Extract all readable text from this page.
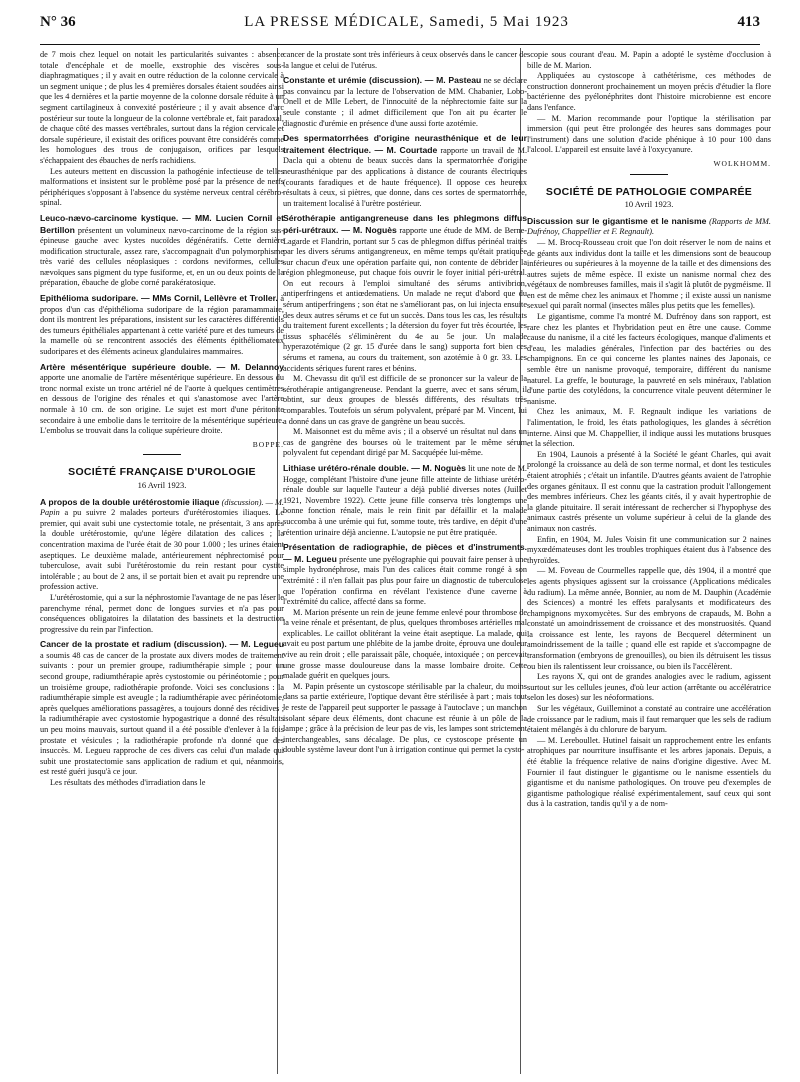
N° 36	LA PRESSE MÉDICALE, Samedi, 5 Mai 1923	413

de 7 mois chez lequel on notait les particularités suivantes : absence totale d'encéphale et de moelle, exstrophie des viscères sous-diaphragmatiques ; il y avait en outre réduction de la colonne cervicale à un segment unique ; de plus les 4 premières dorsales étaient soudées ainsi que les 4 dernières et la partie moyenne de la colonne dorsale réduite à un segment cartilagineux à convexité postérieure ; il y avait absence d'arc postérieur sur toute la longueur de la colonne vertébrale et, fait paradoxal, de chaque côté des masses vertébrales, surtout dans la région cervicale et dorsale supérieure, il existait des orifices pouvant être considérés comme les homologues des trous de conjugaison, orifices par lesquels s'échappaient des ébauches de nerfs rachidiens.

Les auteurs mettent en discussion la pathogénie infectieuse de telles malformations et insistent sur le problème posé par la présence de nerfs périphériques s'opposant à l'absence du système nerveux central cérébro-spinal.

Leuco-nævo-carcinome kystique. — MM. Lucien Cornil et Bertillon présentent un volumineux nævo-carcinome de la région sus-épineuse gauche avec kystes nucoïdes dégénératifs. Cette dernière modification structurale, assez rare, s'accompagnait d'un polymorphisme très varié des cellules néoplasiques : cordons neviformes, cellules nævoïques sans pigment du type fusiforme, et, en un ou deux points de la préparation, ébauche de globe corné parakératosique.

Epithélioma sudoripare. — MMs Cornil, Lellèvre et Troller. à propos d'un cas d'épithélioma sudoripare de la région paramammaire, dont ils montrent les préparations, insistent sur les caractères différentiels des tumeurs épithéliales appartenant à cette variété pure et des tumeurs de la mamelle où se rencontrent associés des éléments épithéliomateux sudoripares et des éléments acineux glandulaires mammaires.

Artère mésentérique supérieure double. — M. Delannoy apporte une anomalie de l'artère mésentérique supérieure. En dessous du tronc normal existe un tronc artériel né de l'aorte à quelques centimètres en dessous de l'origine des rénales et qui s'anastomose avec l'artère normale à 10 cm. de son origine. Le sujet est mort d'une péritonite secondaire à une embolie dans le territoire de la mésentérique supérieure. L'embolus se trouvait dans la colique supérieure droite.

BOPPE.
SOCIÉTÉ FRANÇAISE D'UROLOGIE
16 Avril 1923.

A propos de la double urétérostomie iliaque (discussion). — M. Papin a pu suivre 2 malades porteurs d'urétérostomies iliaques. Le premier, qui avait subi une cystectomie totale, ne présentait, 3 ans après la double urétérostomie, qu'une légère dilatation des calices ; la concentration maxima de l'urée était de 30 pour 1.000 ; les urines étaient aseptiques. Le deuxième malade, antérieurement néphrectomisé pour tuberculose, avait subi l'urétérostomie du rein restant pour cystite intolérable ; au bout de 2 ans, il se portait bien et avait pu reprendre une profession active.

L'urétérostomie, qui a sur la néphrostomie l'avantage de ne pas léser le parenchyme rénal, permet donc de longues survies et n'a pas pour conséquences obligatoires la dilatation des bassinets et la destruction progressive du rein par l'infection.

Cancer de la prostate et radium (discussion). — M. Legueu a soumis 48 cas de cancer de la prostate aux divers modes de traitement suivants : pour un premier groupe, radiumthérapie simple ; pour un second groupe, radiumthérapie après cystostomie ou périnéotomie ; pour un troisième groupe, radiothérapie profonde. Voici ses conclusions : la radiumthérapie simple est aveugle ; la radiumthérapie avec périnéotomie, après quelques améliorations passagères, a toujours donné des récidives ; la radiumthérapie avec cystostomie hypogastrique a donné des résultats un peu moins mauvais, surtout quand il a été possible d'enlever à la fois prostate et vésicules ; la radiothérapie profonde n'a donné que des insuccès. M. Legueu rapproche de ces divers cas celui d'un malade qui subit une prostatectomie sans application de radium et qui, néanmoins, est resté guéri jusqu'à ce jour.

Les résultats des méthodes d'irradiation dans le

cancer de la prostate sont très inférieurs à ceux observés dans le cancer de la langue et celui de l'utérus.

Constante et urémie (discussion). — M. Pasteau ne se déclare pas convaincu par la lecture de l'observation de MM. Chabanier, Lobo-Onell et de Mlle Lebert, de l'innocuité de la néphrectomie faite sur la seule constante ; il admet difficilement que l'on ait pu écarter le diagnostic d'urémie en présence d'une aussi forte azotémie.

Des spermatorrhées d'origine neurasthénique et de leur traitement électrique. — M. Courtade rapporte un travail de M. Dacla qui a obtenu de beaux succès dans la spermatorrhée d'origine neurasthénique par des applications à distance de courants électriques (courants faradiques et de haute fréquence). Il oppose ces heureux résultats à ceux, si piètres, que donne, dans ces sortes de spermatorrhée, un traitement localisé à l'urètre postérieur.

Sérothérapie antigangreneuse dans les phlegmons diffus péri-urétraux. — M. Noguès rapporte une étude de MM. de Berne-Lagarde et Flandrin, portant sur 5 cas de phlegmon diffus périnéal traités par les divers sérums antigangreneux, en même temps qu'était pratiquée sur chacun d'eux une opération parfaite qui, non contente de débrider la région phlegmoneuse, put chaque fois ouvrir le foyer initial péri-urétral. On eut recours à l'emploi simultané des sérums antivibrion, antiperfringens et antiœdematiens. Un malade ne reçut d'abord que du sérum antiperfringens ; son état ne s'améliorant pas, on lui injecta ensuite des deux autres sérums et ce fut un succès. Dans tous les cas, les résultats du traitement furent excellents ; la détersion du foyer fut très écourtée, les tissus sphacélés s'éliminèrent du 4e au 5e jour. Un malade hyperazotémique (2 gr. 15 d'urée dans le sang) supporta fort bien ces sérums et ramena, au cours du traitement, son azotémie à 0 gr. 33. Les accidents sériques furent rares et bénins.

M. Chevassu dit qu'il est difficile de se prononcer sur la valeur de la sérothérapie antigangreneuse. Pendant la guerre, avec et sans sérum, il obtint, sur deux groupes de blessés différents, des résultats très comparables. Toutefois un sérum polyvalent, préparé par M. Vincent, lui a donné dans un cas grave de gangrène un beau succès.

M. Maisonnet est du même avis ; il a observé un résultat nul dans un cas de gangrène des bourses où le traitement par le même sérum polyvalent fut cependant dirigé par M. Sacquépée lui-même.

Lithiase urétéro-rénale double. — M. Noguès lit une note de M. Hogge, complétant l'histoire d'une jeune fille atteinte de lithiase urétéro-rénale double sur laquelle l'auteur a déjà publié diverses notes (Juillet 1921, Novembre 1922). Cette jeune fille conserva très longtemps une bonne fonction rénale, mais le rein finit par défaillir et la malade succomba à une urémie qui fut, somme toute, très tardive, en dépit d'une rétention urinaire déjà ancienne. L'autopsie ne put être pratiquée.

Présentation de radiographie, de pièces et d'instruments. — M. Legueu présente une pyélographie qui pouvait faire penser à une simple hydronéphrose, mais l'un des calices était comme rongé à son extrémité : il n'en fallait pas plus pour faire un diagnostic de tuberculose que l'opération confirma en révélant l'existence d'une caverne à l'extrémité du calice, affecté dans sa forme.

M. Marion présente un rein de jeune femme enlevé pour thrombose de la veine rénale et présentant, de plus, quelques thromboses artérielles mal explicables. Le caillot oblitérant la veine était aseptique. La malade, qui avait eu post partum une phlébite de la jambe droite, éprouva une douleur vive au rein droit ; elle paraissait pâle, choquée, intoxiquée ; on percevait une grosse masse douloureuse dans la masse lombaire droite. Cette malade guérit en quelques jours.

M. Papin présente un cystoscope stérilisable par la chaleur, du moins dans sa partie extérieure, l'optique devant être stérilisée à part ; mais tout le reste de l'appareil peut supporter le passage à l'autoclave ; un manchon isolant sépare deux éléments, dont chacune est réunie à un pôle de la lampe ; grâce à la précision de leur pas de vis, les lampes sont strictement interchangeables, sans décalage. De plus, ce cystoscope présente un double système laveur dont l'un à irrigation continue qui permet la cysto-

scopie sous courant d'eau. M. Papin a adopté le système d'occlusion à bille de M. Marion.

Appliquées au cystoscope à cathétérisme, ces méthodes de construction donneront prochainement un moyen précis d'étudier la flore bactérienne des pyélonéphrites dont l'histoire microbienne est encore dans l'enfance.

— M. Marion recommande pour l'optique la stérilisation par immersion (qui peut être prolongée des heures sans dommages pour l'instrument) dans une solution d'acide phénique à 10 pour 100 dans l'alcool. L'appareil est ensuite lavé à l'oxycyanure.

WOLKHOMM.
SOCIÉTÉ DE PATHOLOGIE COMPARÉE
10 Avril 1923.

Discussion sur le gigantisme et le nanisme (Rapports de MM. Dufrénoy, Chappellier et F. Regnault).

— M. Brocq-Rousseau croit que l'on doit réserver le nom de nains et de géants aux individus dont la taille et les dimensions sont de beaucoup inférieures ou supérieures à la moyenne de la taille et des dimensions des autres sujets de même espèce. Il existe un nanisme normal chez des végétaux de nombreuses familles, mais il s'agit là plutôt de pygméisme. Il en est de même chez les animaux et l'homme ; il existe aussi un nanisme sexuel qui paraît normal (insectes mâles plus petits que les femelles).

Le gigantisme, comme l'a montré M. Dufrénoy dans son rapport, est rare chez les plantes et l'hybridation peut en être une cause. Comme cause du nanisme, il a cité les facteurs écologiques, manque d'aliments et d'eau, les maladies générales, l'infection par des bactéries ou des champignons. En ce qui concerne les plantes naines des Japonais, ce semble être un nanisme provoqué, temporaire, différent du nanisme naturel. La greffe, le bouturage, la pauvreté en sels minéraux, l'ablation d'une partie des cotylédons, la concurrence vitale peuvent déterminer le nanisme.

Chez les animaux, M. F. Regnault indique les variations de l'alimentation, le froid, les états pathologiques, les glandes à sécrétion interne. Ainsi que M. Chappellier, il indique aussi les mutations brusques et la sélection.

En 1904, Launois a présenté à la Société le géant Charles, qui avait prolongé la croissance au delà de son terme normal, et dont les testicules étaient atrophiés ; c'était un infantile. D'autres géants avaient de l'atrophie des organes génitaux. Il est connu que la castration produit l'allongement des membres inférieurs. Chez les géants cités, il y avait hypertrophie de la glande pituitaire. Il serait intéressant de rechercher si l'hypophyse des animaux castrés présente un volume supérieur à celui de la glande des animaux non castrés.

Enfin, en 1904, M. Jules Voisin fit une communication sur 2 naines myxœdémateuses dont les troubles trophiques étaient dus à l'absence des thyroïdes.

— M. Foveau de Courmelles rappelle que, dès 1904, il a montré que les agents physiques agissent sur la croissance (Applications médicales du radium). La même année, Bonnier, au nom de M. Dauphin (Académie des Sciences) a montré les effets paralysants et modificateurs des champignons myxomycètes. Sur des embryons de crapauds, M. Bohn a constaté un amoindrissement de croissance et des monstruosités. Quand la croissance est lente, les rayons de Becquerel déterminent un amoindrissement de la taille ; quand elle est rapide et s'accompagne de transformation (embryons de grenouilles), ou bien ils détruisent les tissus ou bien ils ralentissent leur croissance, ou bien ils l'accélèrent.

Les rayons X, qui ont de grandes analogies avec le radium, agissent surtout sur les cellules jeunes, d'où leur action (arrêtante ou accélératrice selon les doses) sur les néoformations.

Sur les végétaux, Guilleminot a constaté au contraire une accélération de croissance par le radium, mais il faut remarquer que les sels de radium étaient mélangés à du chlorure de baryum.

— M. Lereboullet. Hutinel faisait un rapprochement entre les enfants atrophiques par nourriture insuffisante et les arbres japonais. Depuis, a été établie la fréquence relative de nains d'origine digestive. Avec M. Fournier il faut distinguer le gigantisme ou le nanisme essentiels du gigantisme et du nanisme pathologiques. On trouve peu d'exemples de gigantisme pathologique réalisé expérimentalement, sauf ceux qui sont dus à la castration, tandis qu'il y a de nom-
